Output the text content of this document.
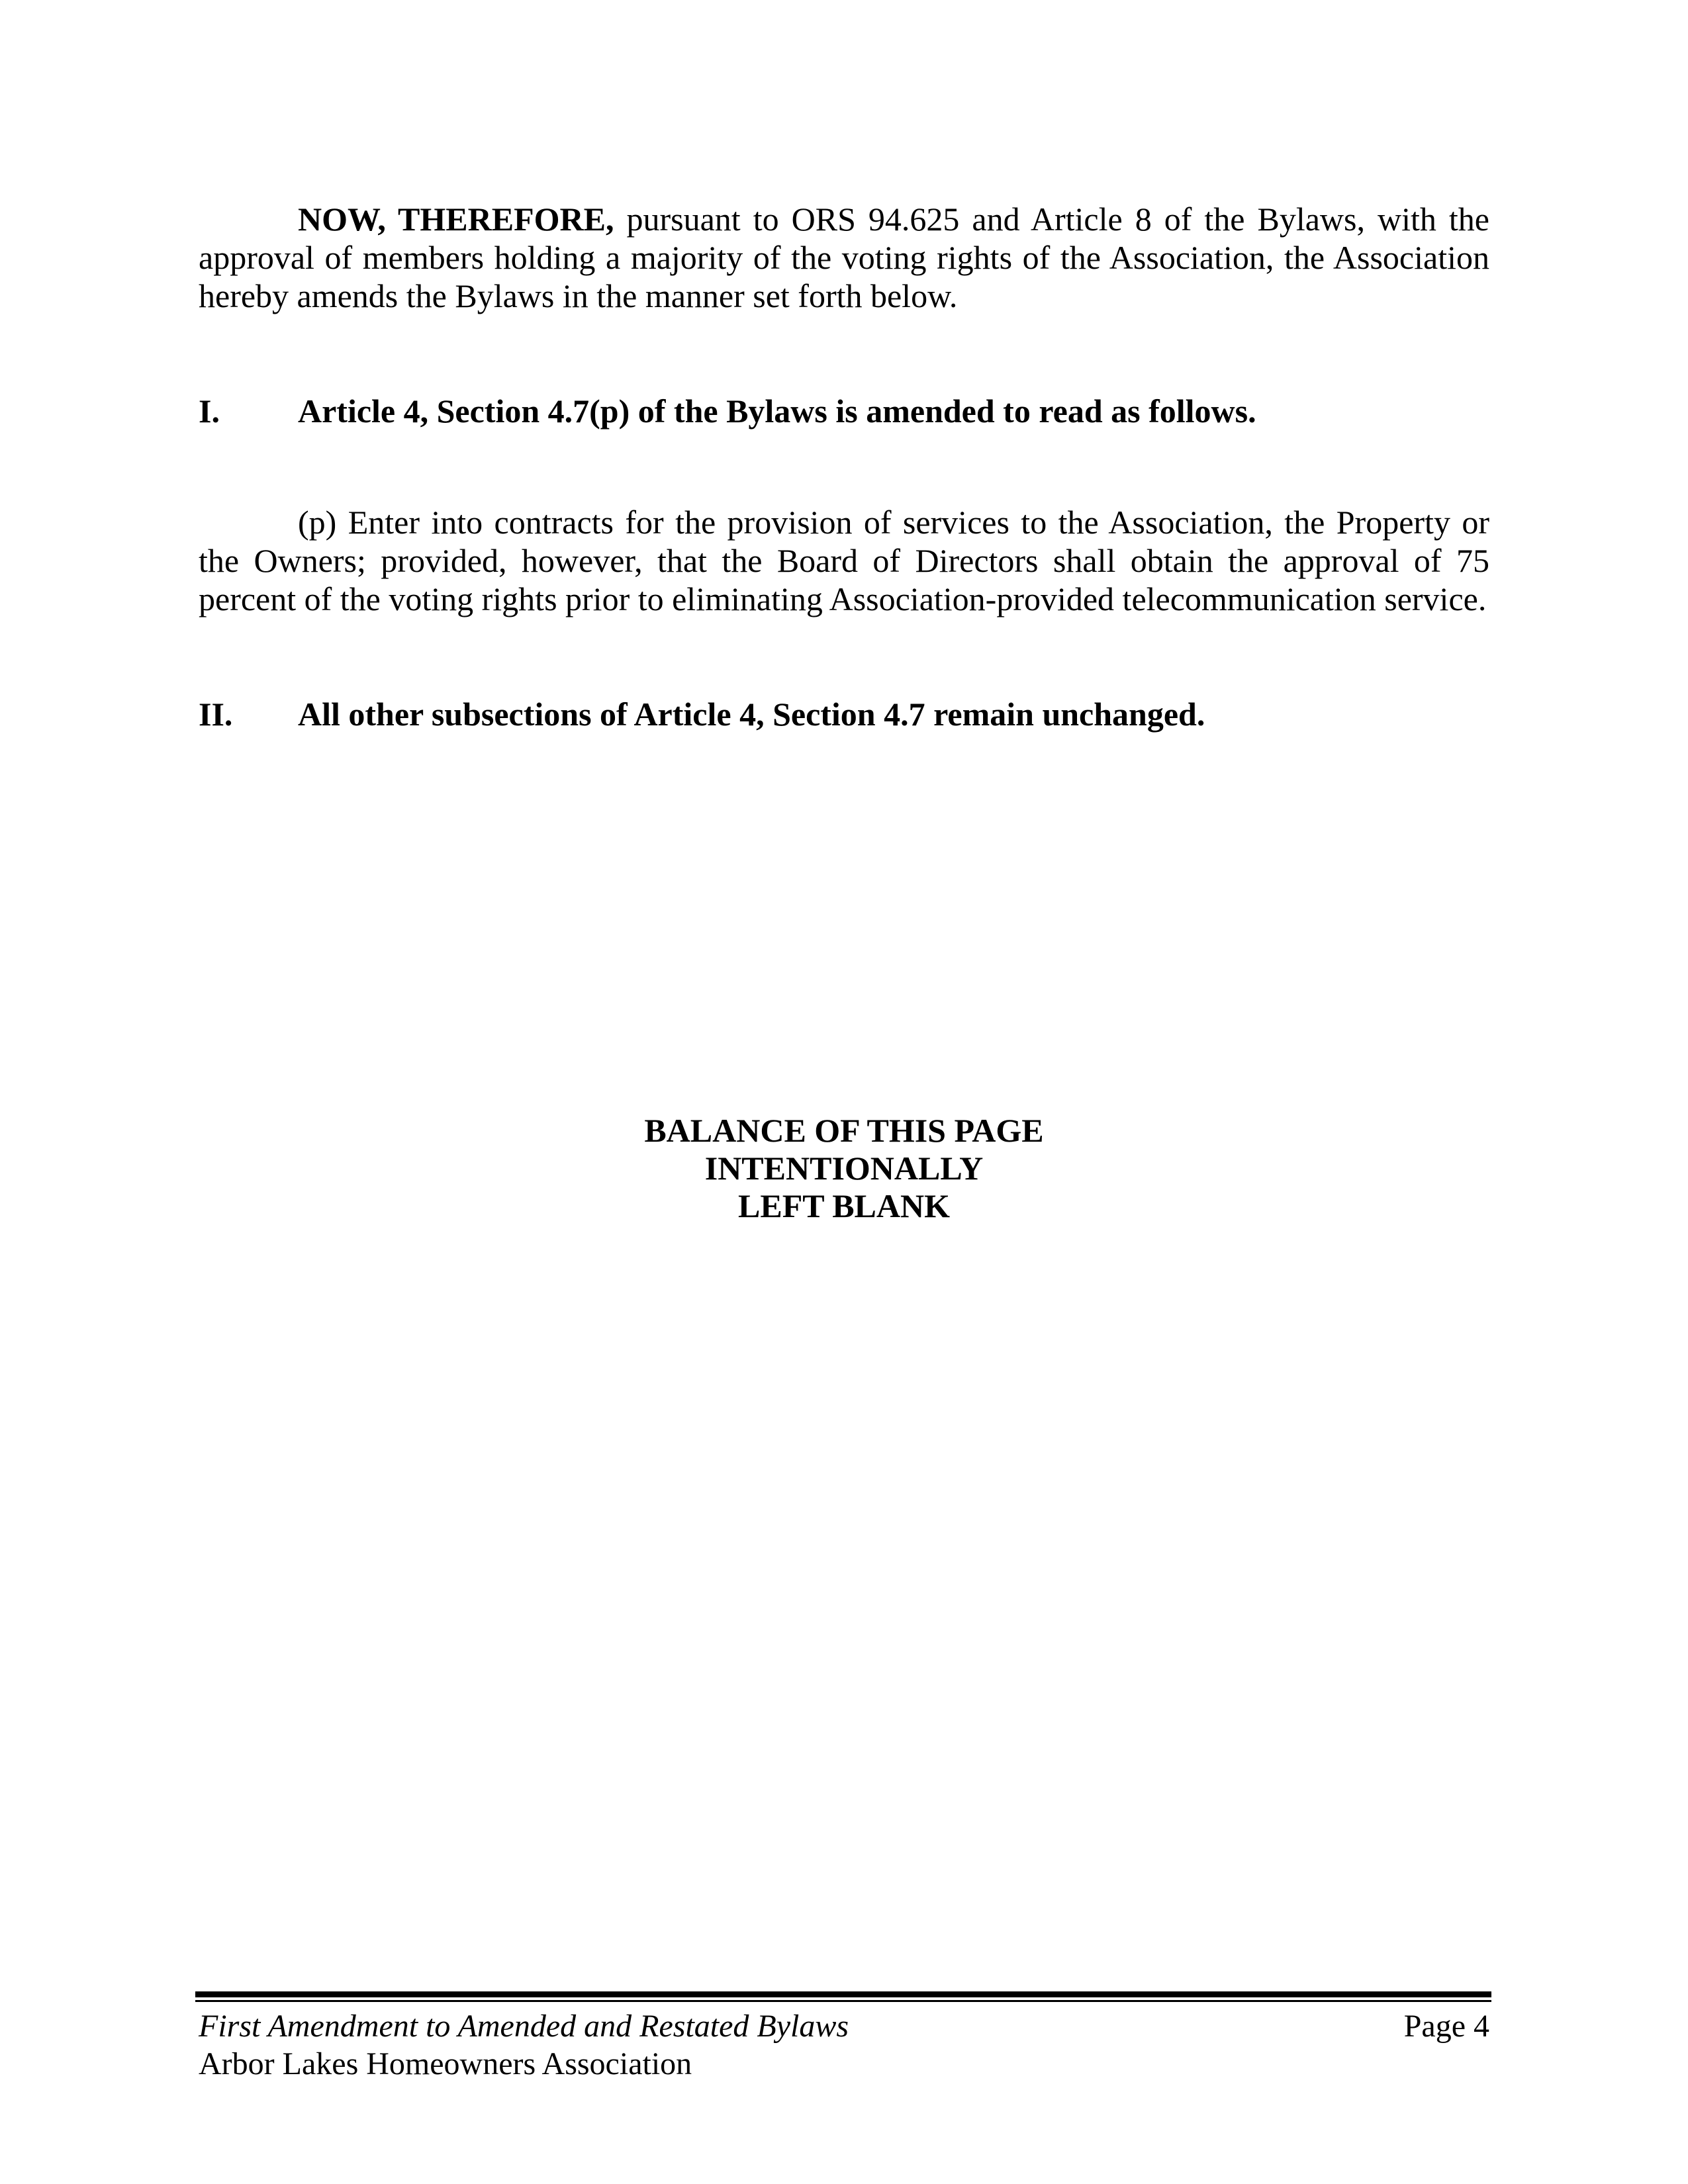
NOW, THEREFORE, pursuant to ORS 94.625 and Article 8 of the Bylaws, with the approval of members holding a majority of the voting rights of the Association, the Association hereby amends the Bylaws in the manner set forth below.

I. Article 4, Section 4.7(p) of the Bylaws is amended to read as follows.

(p) Enter into contracts for the provision of services to the Association, the Property or the Owners; provided, however, that the Board of Directors shall obtain the approval of 75 percent of the voting rights prior to eliminating Association-provided telecommunication service.

II. All other subsections of Article 4, Section 4.7 remain unchanged.

BALANCE OF THIS PAGE
INTENTIONALLY
LEFT BLANK
First Amendment to Amended and Restated Bylaws	Page 4
Arbor Lakes Homeowners Association
